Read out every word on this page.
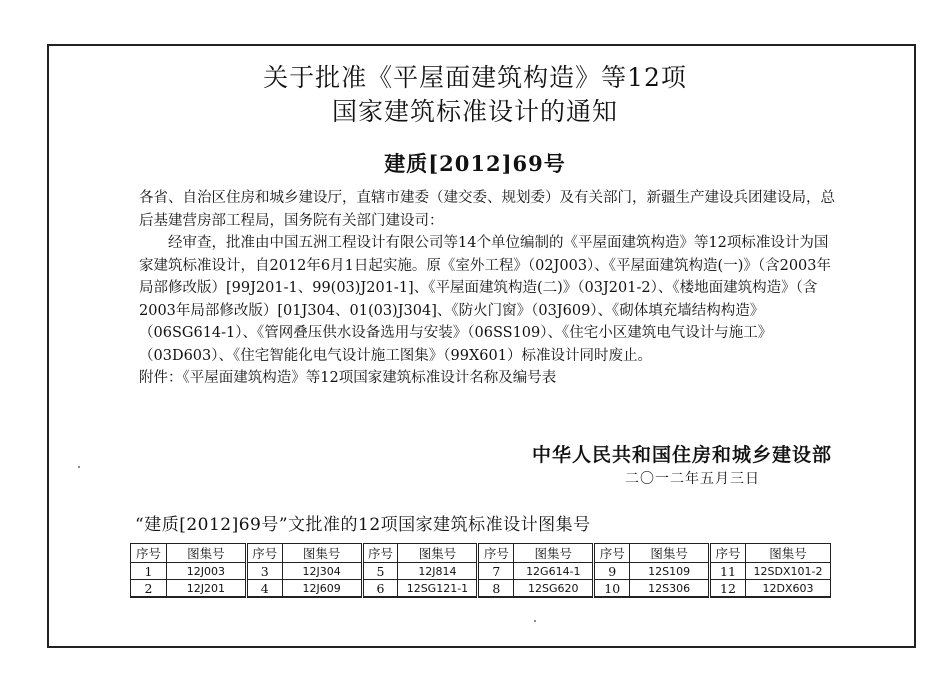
关于批准《平屋面建筑构造》等12项
国家建筑标准设计的通知
建质[2012]69号

各省、自治区住房和城乡建设厅，直辖市建委（建交委、规划委）及有关部门，新疆生产建设兵团建设局，总后基建营房部工程局，国务院有关部门建设司：

经审查，批准由中国五洲工程设计有限公司等14个单位编制的《平屋面建筑构造》等12项标准设计为国家建筑标准设计，自2012年6月1日起实施。原《室外工程》（02J003）、《平屋面建筑构造(一)》（含2003年局部修改版）[99J201-1、99(03)J201-1]、《平屋面建筑构造(二)》（03J201-2）、《楼地面建筑构造》（含2003年局部修改版）[01J304、01(03)J304]、《防火门窗》（03J609）、《砌体填充墙结构构造》（06SG614-1）、《管网叠压供水设备选用与安装》（06SS109）、《住宅小区建筑电气设计与施工》（03D603）、《住宅智能化电气设计施工图集》（99X601）标准设计同时废止。

附件：《平屋面建筑构造》等12项国家建筑标准设计名称及编号表

中华人民共和国住房和城乡建设部
二〇一二年五月三日
“建质[2012]69号”文批准的12项国家建筑标准设计图集号
序号	图集号	序号	图集号	序号	图集号	序号	图集号	序号	图集号	序号	图集号
1	12J003	3	12J304	5	12J814	7	12G614-1	9	12S109	11	12SDX101-2
2	12J201	4	12J609	6	12SG121-1	8	12SG620	10	12S306	12	12DX603
